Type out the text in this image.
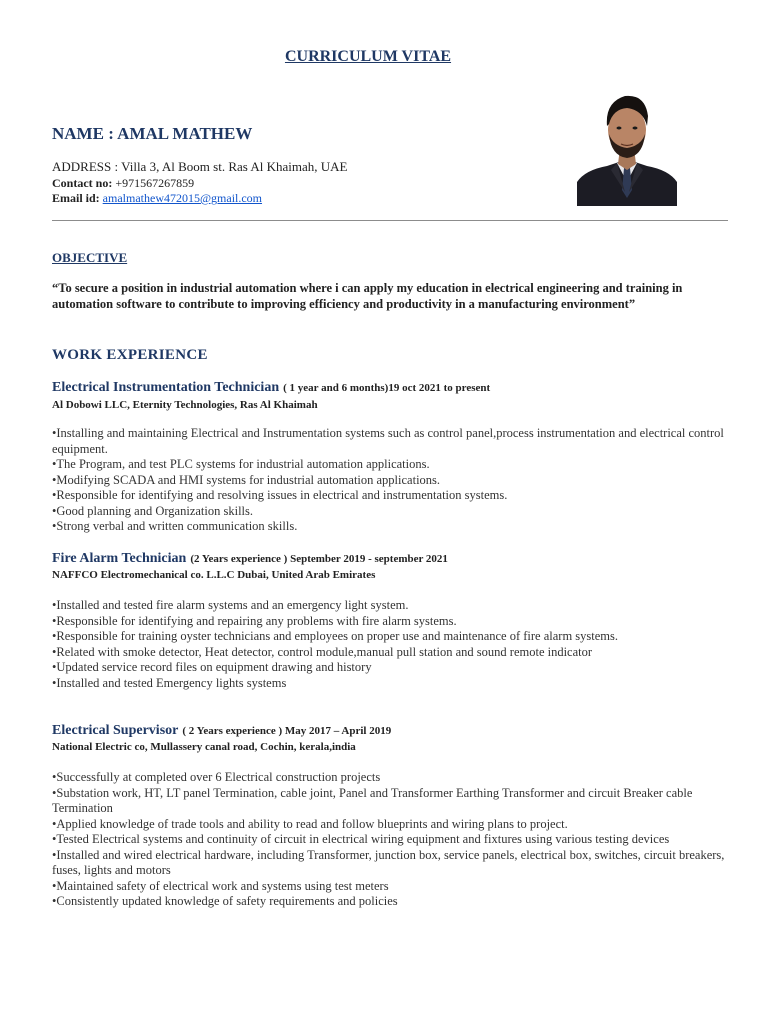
CURRICULUM VITAE
NAME : AMAL MATHEW
ADDRESS : Villa 3, Al Boom st. Ras Al Khaimah, UAE
Contact no: +971567267859
Email id: amalmathew472015@gmail.com
OBJECTIVE
“To secure a position in industrial automation where i can apply my education in electrical engineering and training in automation software to contribute to improving efficiency and productivity in a manufacturing environment”
WORK EXPERIENCE
Electrical Instrumentation Technician ( 1 year and 6 months)19 oct 2021 to present
Al Dobowi LLC, Eternity Technologies, Ras Al Khaimah
• Installing and maintaining Electrical and Instrumentation systems such as control panel,process instrumentation and electrical control equipment.
• The Program, and test PLC systems for industrial automation applications.
• Modifying SCADA and HMI systems for industrial automation applications.
• Responsible for identifying and resolving issues in electrical and instrumentation systems.
• Good planning and Organization skills.
• Strong verbal and written communication skills.
Fire Alarm Technician (2 Years experience ) September 2019 - september 2021
NAFFCO Electromechanical co. L.L.C Dubai, United Arab Emirates
• Installed and tested fire alarm systems and an emergency light system.
• Responsible for identifying and repairing any problems with fire alarm systems.
• Responsible for training oyster technicians and employees on proper use and maintenance of fire alarm systems.
• Related with smoke detector, Heat detector, control module,manual pull station and sound remote indicator
• Updated service record files on equipment drawing and history
• Installed and tested Emergency lights systems
Electrical Supervisor ( 2 Years experience ) May 2017 – April 2019
National Electric co, Mullassery canal road, Cochin, kerala,india
• Successfully at completed over 6 Electrical construction projects
• Substation work, HT, LT panel Termination, cable joint, Panel and Transformer Earthing Transformer and circuit Breaker cable Termination
• Applied knowledge of trade tools and ability to read and follow blueprints and wiring plans to project.
• Tested Electrical systems and continuity of circuit in electrical wiring equipment and fixtures using various testing devices
• Installed and wired electrical hardware, including Transformer, junction box, service panels, electrical box, switches, circuit breakers, fuses, lights and motors
• Maintained safety of electrical work and systems using test meters
• Consistently updated knowledge of safety requirements and policies
